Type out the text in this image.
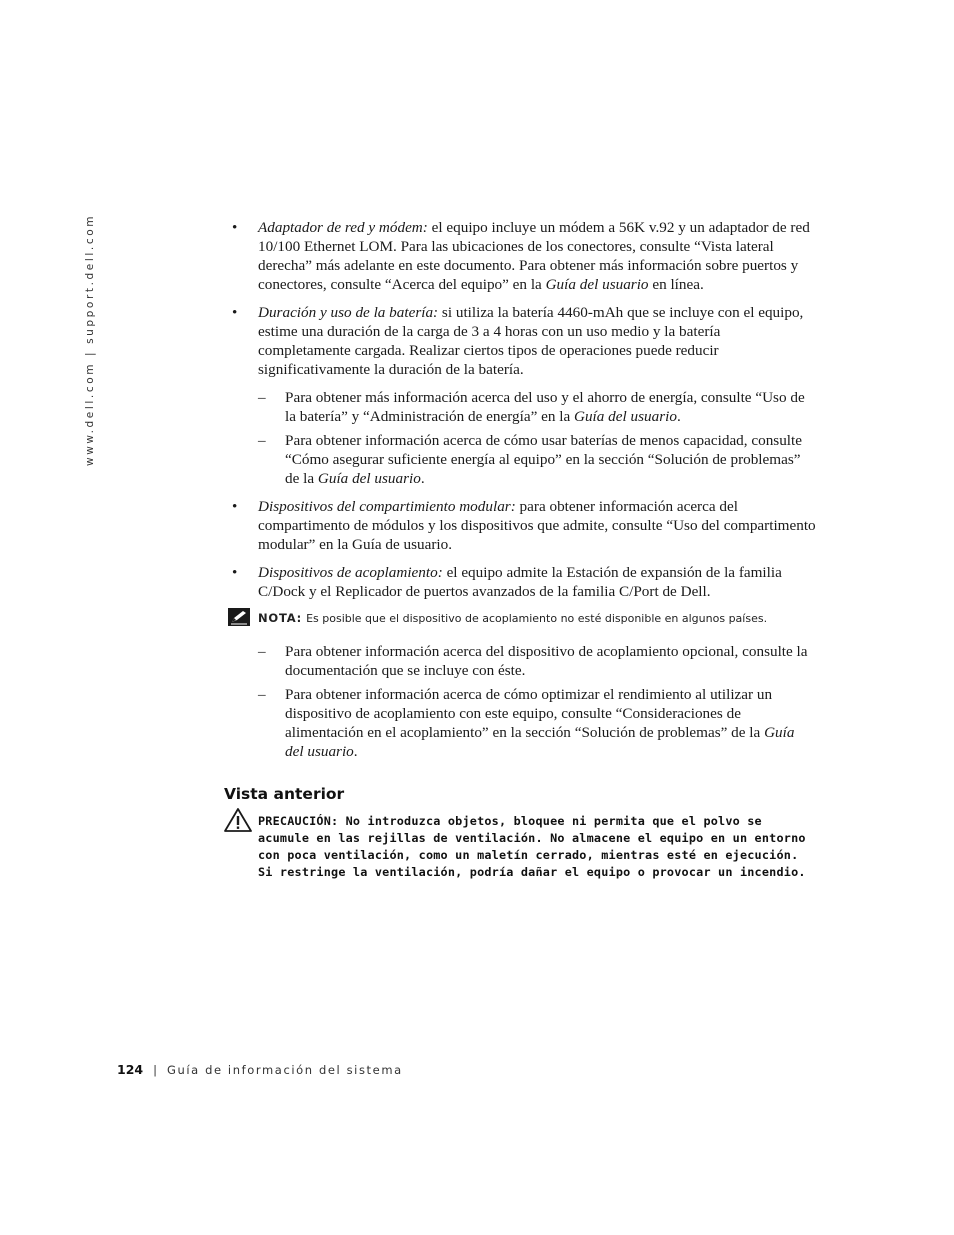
www.dell.com | support.dell.com	• Adaptador de red y módem: el equipo incluye un módem a 56K v.92 y un adaptador de red 10/100 Ethernet LOM. Para las ubicaciones de los conectores, consulte “Vista lateral derecha” más adelante en este documento. Para obtener más información sobre puertos y conectores, consulte “Acerca del equipo” en la Guía del usuario en línea.
• Duración y uso de la batería: si utiliza la batería 4460-mAh que se incluye con el equipo, estime una duración de la carga de 3 a 4 horas con un uso medio y la batería completamente cargada. Realizar ciertos tipos de operaciones puede reducir significativamente la duración de la batería.
– Para obtener más información acerca del uso y el ahorro de energía, consulte “Uso de la batería” y “Administración de energía” en la Guía del usuario.
– Para obtener información acerca de cómo usar baterías de menos capacidad, consulte “Cómo asegurar suficiente energía al equipo” en la sección “Solución de problemas” de la Guía del usuario.
• Dispositivos del compartimiento modular: para obtener información acerca del compartimento de módulos y los dispositivos que admite, consulte “Uso del compartimento modular” en la Guía de usuario.
• Dispositivos de acoplamiento: el equipo admite la Estación de expansión de la familia C/Dock y el Replicador de puertos avanzados de la familia C/Port de Dell.
NOTA: Es posible que el dispositivo de acoplamiento no esté disponible en algunos países.
– Para obtener información acerca del dispositivo de acoplamiento opcional, consulte la documentación que se incluye con éste.
– Para obtener información acerca de cómo optimizar el rendimiento al utilizar un dispositivo de acoplamiento con este equipo, consulte “Consideraciones de alimentación en el acoplamiento” en la sección “Solución de problemas” de la Guía del usuario.
Vista anterior
PRECAUCIÓN: No introduzca objetos, bloquee ni permita que el polvo se acumule en las rejillas de ventilación. No almacene el equipo en un entorno con poca ventilación, como un maletín cerrado, mientras esté en ejecución. Si restringe la ventilación, podría dañar el equipo o provocar un incendio.
124 | Guía de información del sistema
